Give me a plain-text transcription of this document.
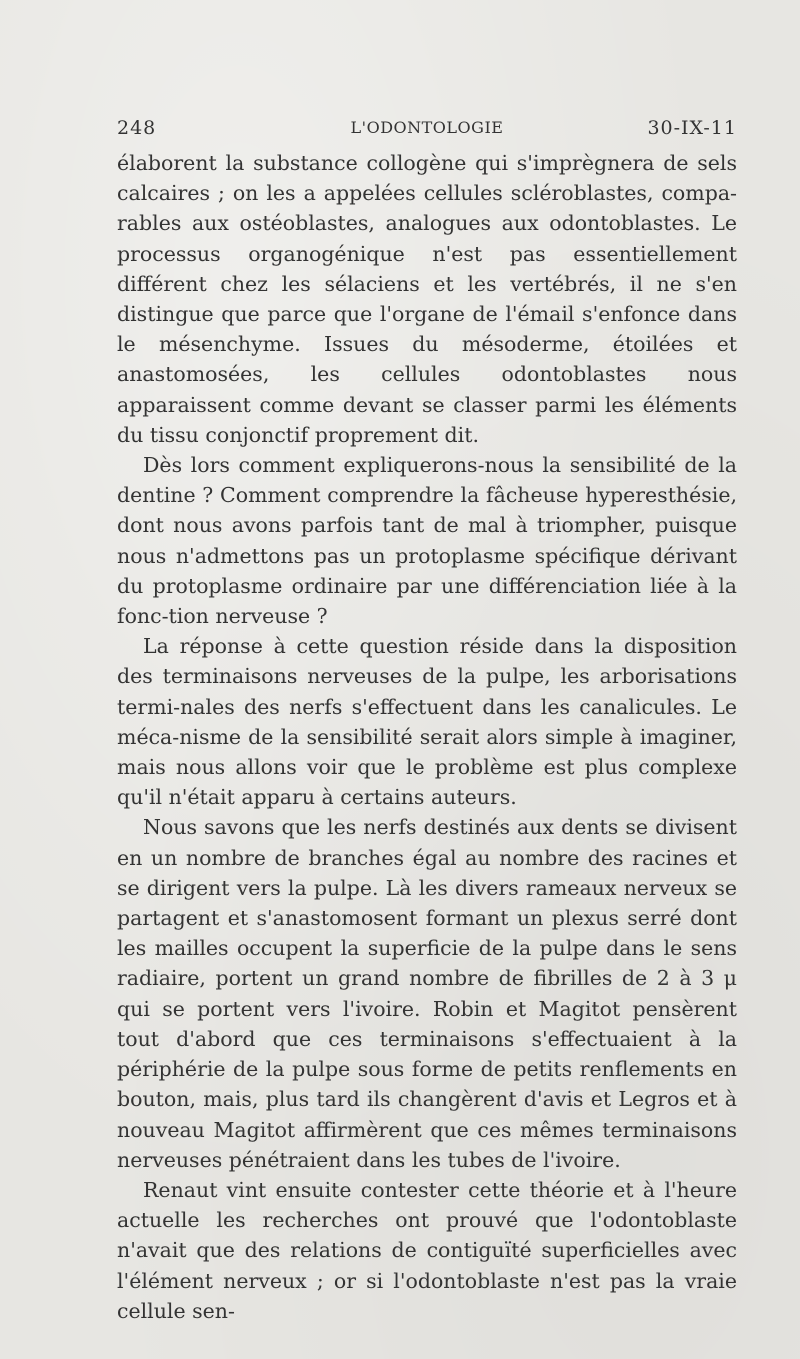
248	L'ODONTOLOGIE	30-IX-11

élaborent la substance collogène qui s'imprègnera de sels calcaires ; on les a appelées cellules scléroblastes, compa-rables aux ostéoblastes, analogues aux odontoblastes. Le processus organogénique n'est pas essentiellement différent chez les sélaciens et les vertébrés, il ne s'en distingue que parce que l'organe de l'émail s'enfonce dans le mésenchyme. Issues du mésoderme, étoilées et anastomosées, les cellules odontoblastes nous apparaissent comme devant se classer parmi les éléments du tissu conjonctif proprement dit.

Dès lors comment expliquerons-nous la sensibilité de la dentine ? Comment comprendre la fâcheuse hyperesthésie, dont nous avons parfois tant de mal à triompher, puisque nous n'admettons pas un protoplasme spécifique dérivant du protoplasme ordinaire par une différenciation liée à la fonc-tion nerveuse ?

La réponse à cette question réside dans la disposition des terminaisons nerveuses de la pulpe, les arborisations termi-nales des nerfs s'effectuent dans les canalicules. Le méca-nisme de la sensibilité serait alors simple à imaginer, mais nous allons voir que le problème est plus complexe qu'il n'était apparu à certains auteurs.

Nous savons que les nerfs destinés aux dents se divisent en un nombre de branches égal au nombre des racines et se dirigent vers la pulpe. Là les divers rameaux nerveux se partagent et s'anastomosent formant un plexus serré dont les mailles occupent la superficie de la pulpe dans le sens radiaire, portent un grand nombre de fibrilles de 2 à 3 μ qui se portent vers l'ivoire. Robin et Magitot pensèrent tout d'abord que ces terminaisons s'effectuaient à la périphérie de la pulpe sous forme de petits renflements en bouton, mais, plus tard ils changèrent d'avis et Legros et à nouveau Magitot affirmèrent que ces mêmes terminaisons nerveuses pénétraient dans les tubes de l'ivoire.

Renaut vint ensuite contester cette théorie et à l'heure actuelle les recherches ont prouvé que l'odontoblaste n'avait que des relations de contiguïté superficielles avec l'élément nerveux ; or si l'odontoblaste n'est pas la vraie cellule sen-
